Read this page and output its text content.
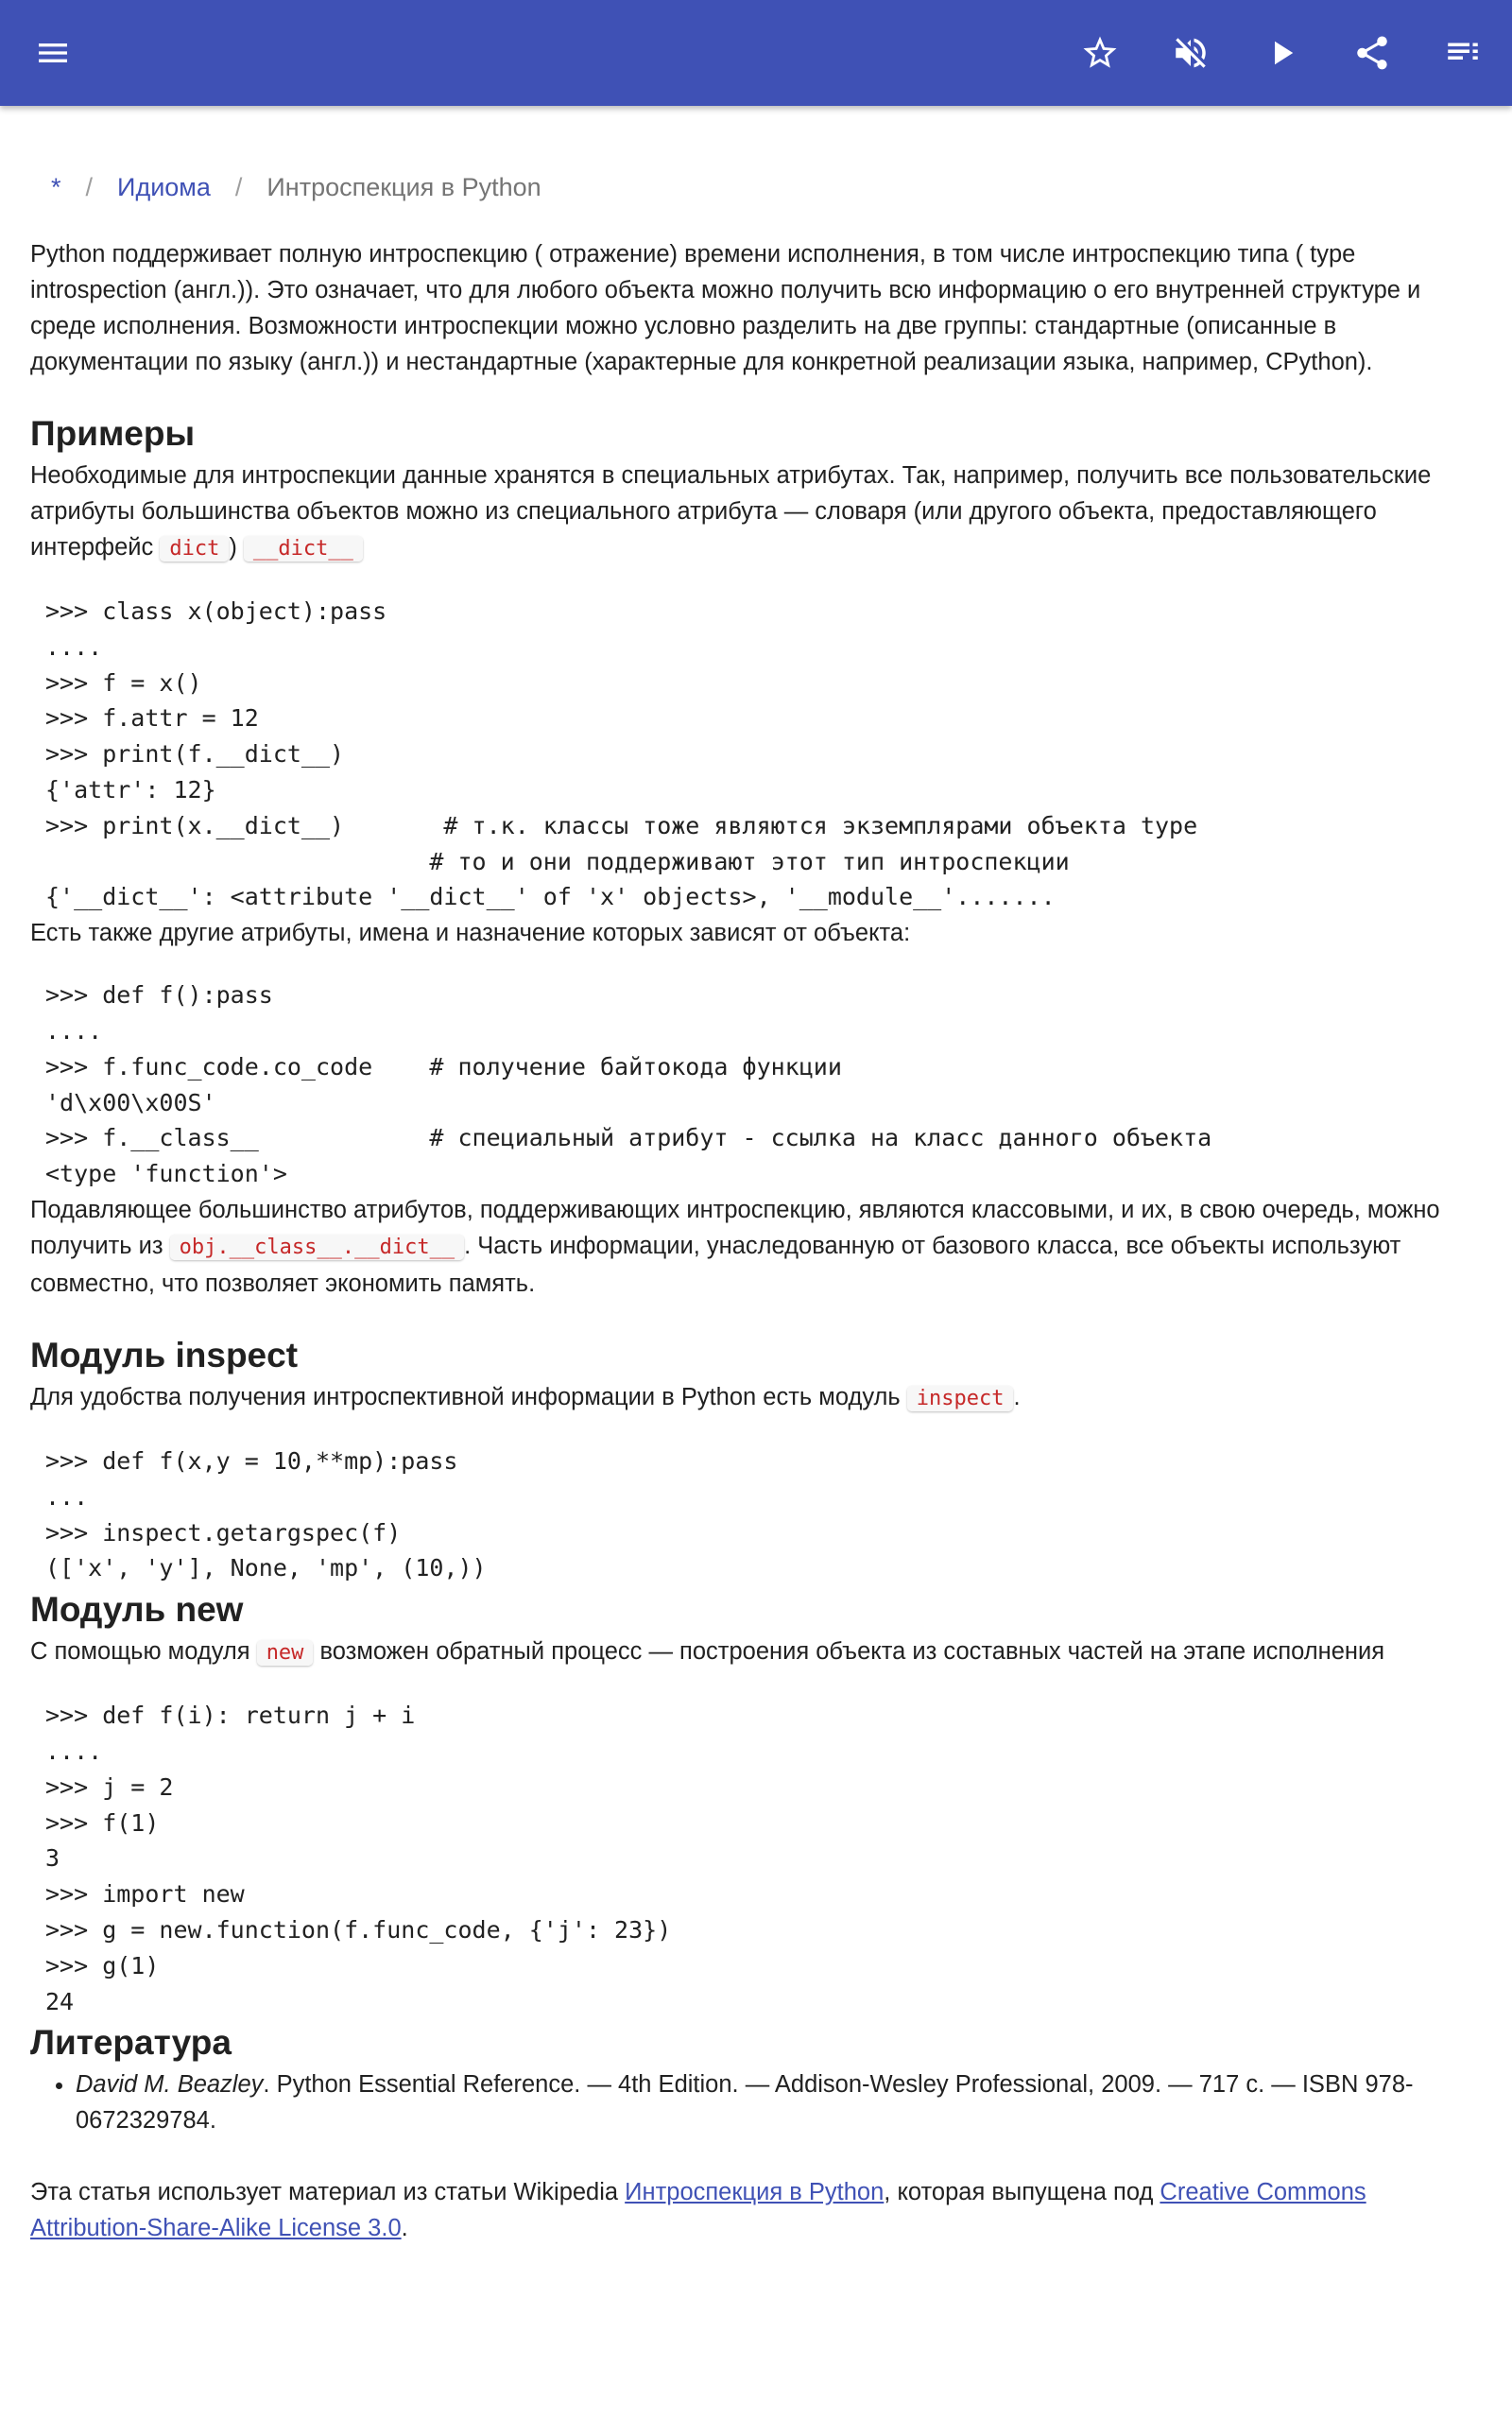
* / Идиома / Интроспекция в Python

Python поддерживает полную интроспекцию ( отражение) времени исполнения, в том числе интроспекцию типа ( type introspection (англ.)). Это означает, что для любого объекта можно получить всю информацию о его внутренней структуре и среде исполнения. Возможности интроспекции можно условно разделить на две группы: стандартные (описанные в документации по языку (англ.)) и нестандартные (характерные для конкретной реализации языка, например, CPython).

Примеры

Необходимые для интроспекции данные хранятся в специальных атрибутах. Так, например, получить все пользовательские атрибуты большинства объектов можно из специального атрибута — словаря (или другого объекта, предоставляющего интерфейс dict ) __dict__

>>> class x(object):pass
....
>>> f = x()
>>> f.attr = 12
>>> print(f.__dict__)
{'attr': 12}
>>> print(x.__dict__)       # т.к. классы тоже являются экземплярами объекта type
# то и они поддерживают этот тип интроспекции
{'__dict__': <attribute '__dict__' of 'x' objects>, '__module__'.......

Есть также другие атрибуты, имена и назначение которых зависят от объекта:

>>> def f():pass
....
>>> f.func_code.co_code    # получение байтокода функции
'd\x00\x00S'
>>> f.__class__            # специальный атрибут - ссылка на класс данного объекта
<type 'function'>

Подавляющее большинство атрибутов, поддерживающих интроспекцию, являются классовыми, и их, в свою очередь, можно получить из obj.__class__.__dict__ . Часть информации, унаследованную от базового класса, все объекты используют совместно, что позволяет экономить память.

Модуль inspect

Для удобства получения интроспективной информации в Python есть модуль inspect .

>>> def f(x,y = 10,**mp):pass
...
>>> inspect.getargspec(f)
(['x', 'y'], None, 'mp', (10,))
Модуль new

С помощью модуля new возможен обратный процесс — построения объекта из составных частей на этапе исполнения

>>> def f(i): return j + i
....
>>> j = 2
>>> f(1)
3
>>> import new
>>> g = new.function(f.func_code, {'j': 23})
>>> g(1)
24
Литература
• David M. Beazley. Python Essential Reference. — 4th Edition. — Addison-Wesley Professional, 2009. — 717 с. — ISBN 978-0672329784.

Эта статья использует материал из статьи Wikipedia Интроспекция в Python, которая выпущена под Creative Commons Attribution-Share-Alike License 3.0.
